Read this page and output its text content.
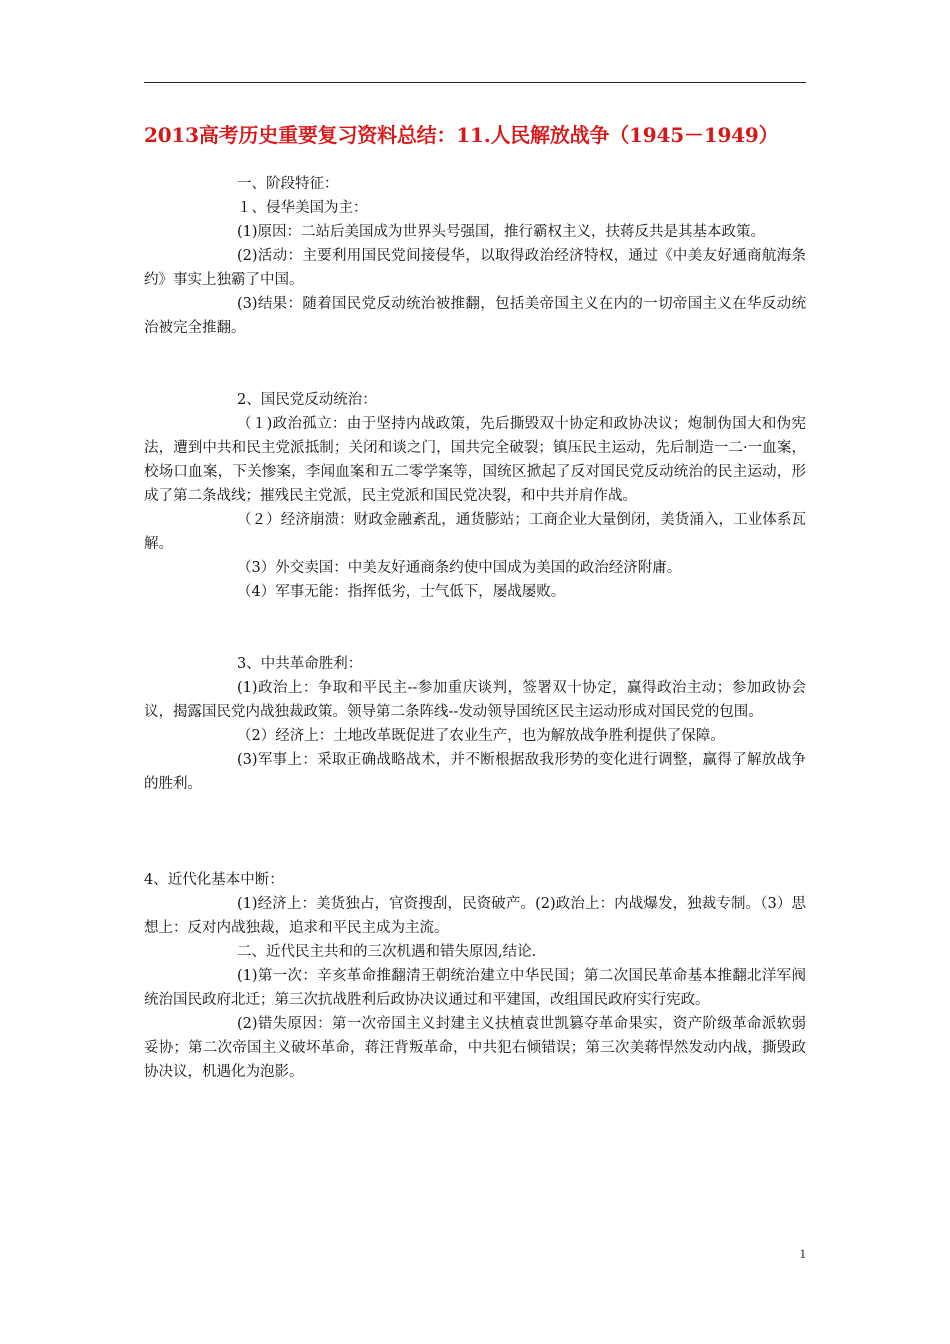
2013高考历史重要复习资料总结：11.人民解放战争（1945－1949）

一、阶段特征：

１、侵华美国为主：

(1)原因：二站后美国成为世界头号强国，推行霸权主义，扶蒋反共是其基本政策。

(2)活动：主要利用国民党间接侵华，以取得政治经济特权，通过《中美友好通商航海条约》事实上独霸了中国。

(3)结果：随着国民党反动统治被推翻，包括美帝国主义在内的一切帝国主义在华反动统治被完全推翻。

2、国民党反动统治：

（１)政治孤立：由于坚持内战政策，先后撕毁双十协定和政协决议；炮制伪国大和伪宪法，遭到中共和民主党派抵制；关闭和谈之门，国共完全破裂；镇压民主运动，先后制造一二·一血案，校场口血案，下关惨案，李闻血案和五二零学案等，国统区掀起了反对国民党反动统治的民主运动，形成了第二条战线；摧残民主党派，民主党派和国民党决裂，和中共并肩作战。

（２）经济崩溃：财政金融紊乱，通货膨站；工商企业大量倒闭，美货涌入，工业体系瓦解。

（3）外交卖国：中美友好通商条约使中国成为美国的政治经济附庸。

（4）军事无能：指挥低劣，士气低下，屡战屡败。

3、中共革命胜利：

(1)政治上：争取和平民主--参加重庆谈判，签署双十协定，赢得政治主动；参加政协会议，揭露国民党内战独裁政策。领导第二条阵线--发动领导国统区民主运动形成对国民党的包围。

（2）经济上：土地改革既促进了农业生产，也为解放战争胜利提供了保障。

(3)军事上：采取正确战略战术，并不断根据敌我形势的变化进行调整，赢得了解放战争的胜利。

4、近代化基本中断：

(1)经济上：美货独占，官资搜刮，民资破产。(2)政治上：内战爆发，独裁专制。（3）思想上：反对内战独裁，追求和平民主成为主流。

二、近代民主共和的三次机遇和错失原因,结论.

(1)第一次：辛亥革命推翻清王朝统治建立中华民国；第二次国民革命基本推翻北洋军阀统治国民政府北迁；第三次抗战胜利后政协决议通过和平建国，改组国民政府实行宪政。

(2)错失原因：第一次帝国主义封建主义扶植袁世凯篡夺革命果实，资产阶级革命派软弱妥协；第二次帝国主义破坏革命，蒋汪背叛革命，中共犯右倾错误；第三次美蒋悍然发动内战，撕毁政协决议，机遇化为泡影。

1
